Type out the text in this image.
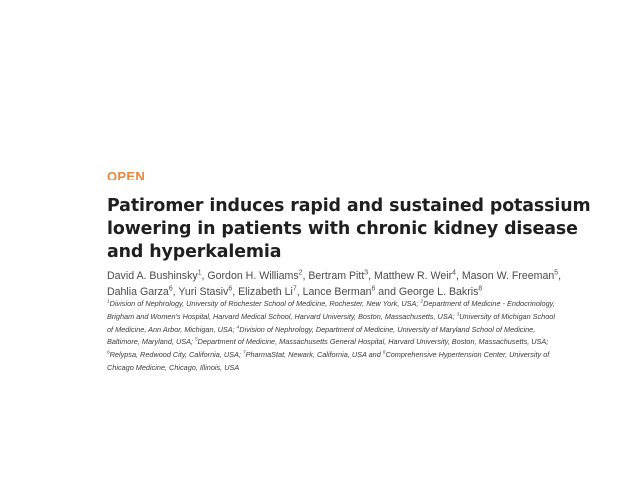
OPEN
Patiromer induces rapid and sustained potassium
lowering in patients with chronic kidney disease
and hyperkalemia
David A. Bushinsky$^1$, Gordon H. Williams$^2$, Bertram Pitt$^3$, Matthew R. Weir$^4$, Mason W. Freeman$^5$,
Dahlia Garza$^6$, Yuri Stasiv$^6$, Elizabeth Li$^7$, Lance Berman$^6$ and George L. Bakris$^8$
$^1$Division of Nephrology, University of Rochester School of Medicine, Rochester, New York, USA; $^2$Department of Medicine - Endocrinology,
Brigham and Women's Hospital, Harvard Medical School, Harvard University, Boston, Massachusetts, USA; $^3$University of Michigan School
of Medicine, Ann Arbor, Michigan, USA; $^4$Division of Nephrology, Department of Medicine, University of Maryland School of Medicine,
Baltimore, Maryland, USA; $^5$Department of Medicine, Massachusetts General Hospital, Harvard University, Boston, Massachusetts, USA;
$^6$Relypsa, Redwood City, California, USA; $^7$PharmaStat, Newark, California, USA and $^8$Comprehensive Hypertension Center, University of
Chicago Medicine, Chicago, Illinois, USA
